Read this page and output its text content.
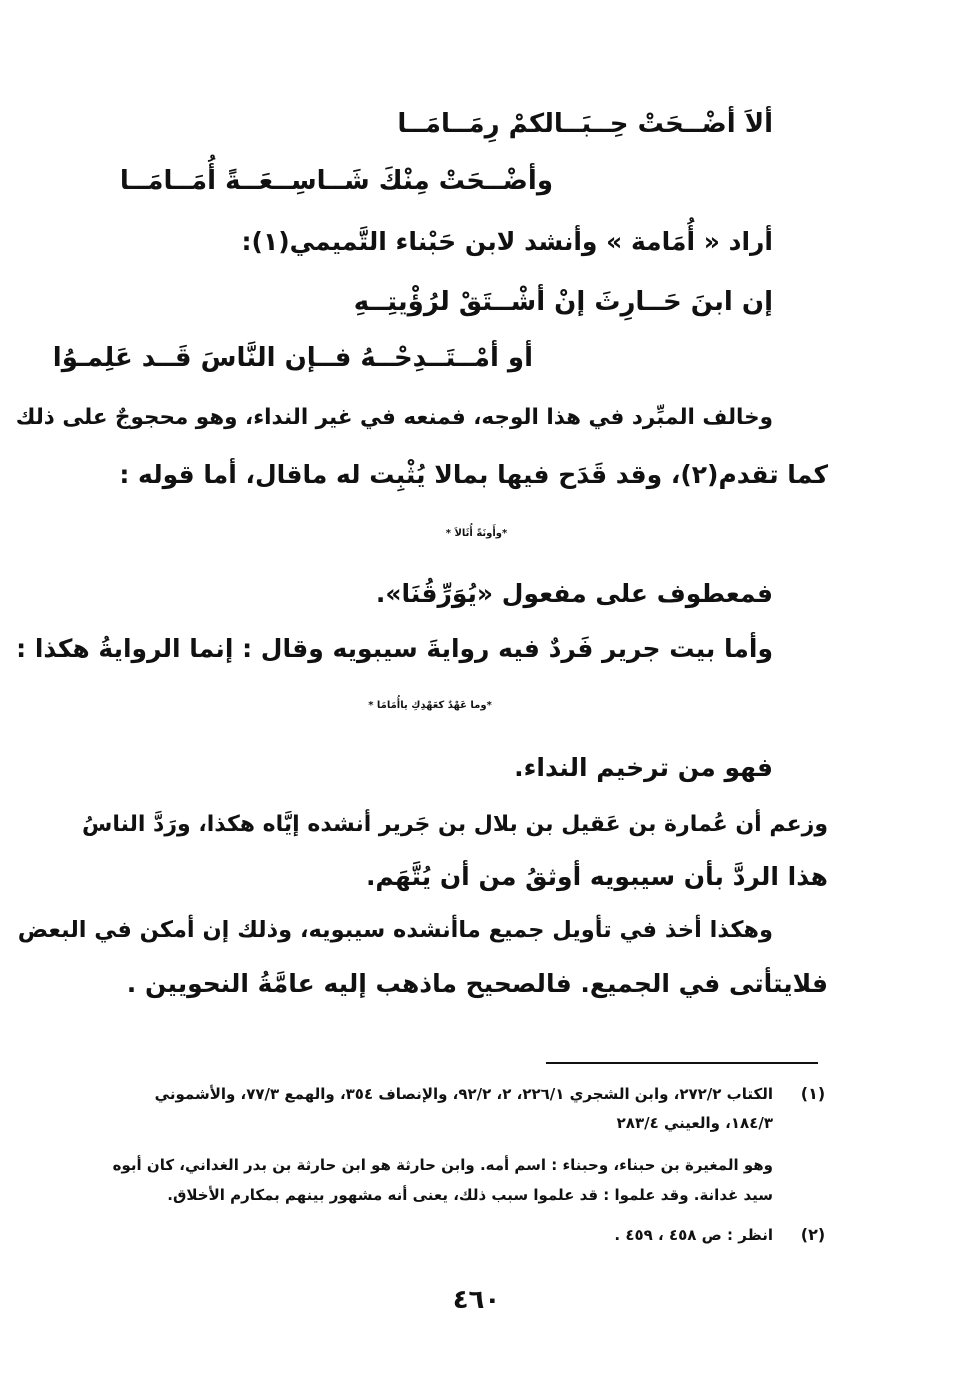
ألاَ أضْــحَتْ حِــبَــالكمْ رِمَــامَــا
وأضْــحَتْ مِنْكَ شَــاسِــعَــةً أُمَــامَــا
أراد « أُمَامة » وأنشد لابن حَبْناء التَّميمي(١):
إن ابنَ حَــارِثَ إنْ أشْــتَقْ لرُؤْيتِــهِ
أو أمْــتَــدِحْــهُ فــإن النَّاسَ قَــد عَلِمـوُا
وخالف المبِّرد في هذا الوجه، فمنعه في غير النداء، وهو محجوجٌ على ذلك
كما تقدم(٢)، وقد قَدَح فيها بمالا يُثْبِت له ماقال، أما قوله :
*وأَونَةً أُثَالاَ *
فمعطوف على مفعول «يُوَرِّقُنَا».
وأما بيت جرير فَردٌ فيه روايةَ سيبويه وقال : إنما الروايةُ هكذا :
*وما عَهْدٌ كعَهْدِكِ ياأُمَامَا *
فهو من ترخيم النداء.
وزعم أن عُمارة بن عَقيل بن بلال بن جَرير أنشده إيَّاه هكذا، ورَدَّ الناسُ
هذا الردَّ بأن سيبويه أوثقُ من أن يُتَّهَم.
وهكذا أخذ في تأويل جميع ماأنشده سيبويه، وذلك إن أمكن في البعض
فلايتأتى في الجميع. فالصحيح ماذهب إليه عامَّةُ النحويين .
(١)
الكتاب ٢٧٢/٢، وابن الشجري ٢٢٦/١، ٢، ٩٢/٢، والإنصاف ٣٥٤، والهمع ٧٧/٣، والأشموني
١٨٤/٣، والعيني ٢٨٣/٤
وهو المغيرة بن حبناء، وحبناء : اسم أمه. وابن حارثة هو ابن حارثة بن بدر الغداني، كان أبوه
سيد غدانة. وقد علموا : قد علموا سبب ذلك، يعنى أنه مشهور بينهم بمكارم الأخلاق.
(٢)
انظر : ص ٤٥٨ ، ٤٥٩ .
٤٦٠
